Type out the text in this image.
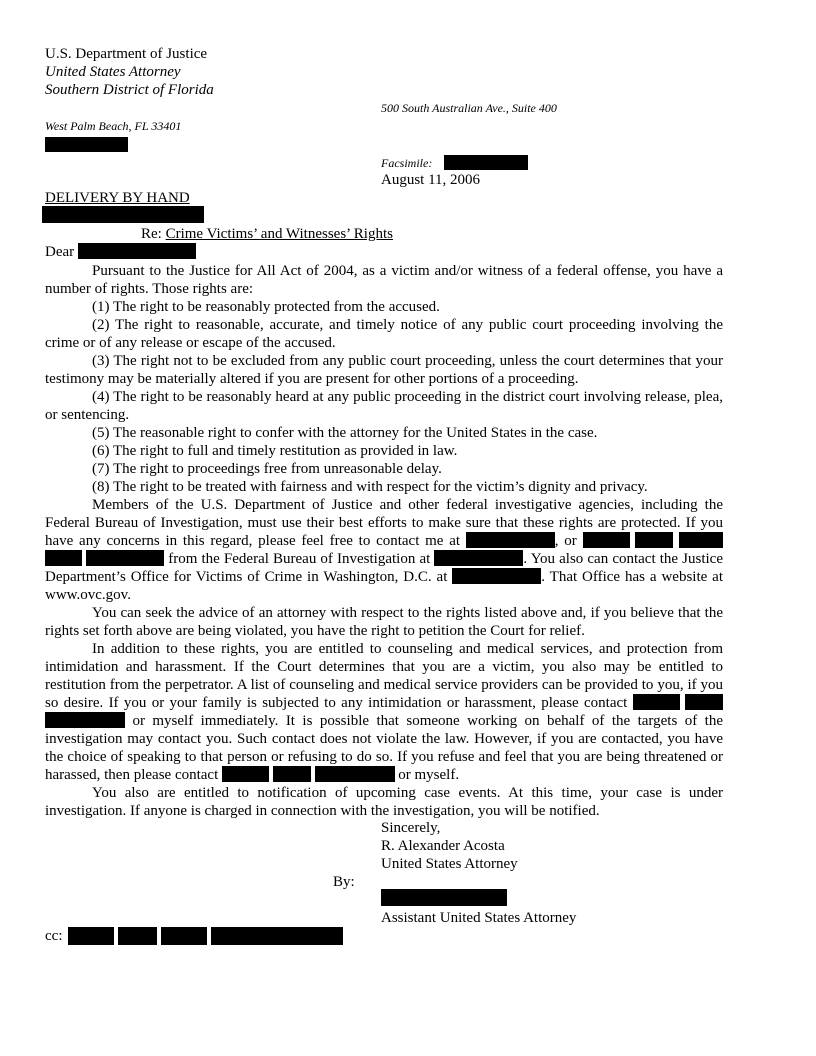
U.S. Department of Justice
United States Attorney
Southern District of Florida
500 South Australian Ave., Suite 400
West Palm Beach, FL 33401
Facsimile:
August 11, 2006
DELIVERY BY HAND
Re: Crime Victims’ and Witnesses’ Rights
Dear

Pursuant to the Justice for All Act of 2004, as a victim and/or witness of a federal offense, you have a number of rights. Those rights are:

(1) The right to be reasonably protected from the accused.

(2) The right to reasonable, accurate, and timely notice of any public court proceeding involving the crime or of any release or escape of the accused.

(3) The right not to be excluded from any public court proceeding, unless the court determines that your testimony may be materially altered if you are present for other portions of a proceeding.

(4) The right to be reasonably heard at any public proceeding in the district court involving release, plea, or sentencing.

(5) The reasonable right to confer with the attorney for the United States in the case.

(6) The right to full and timely restitution as provided in law.

(7) The right to proceedings free from unreasonable delay.

(8) The right to be treated with fairness and with respect for the victim’s dignity and privacy.

Members of the U.S. Department of Justice and other federal investigative agencies, including the Federal Bureau of Investigation, must use their best efforts to make sure that these rights are protected. If you have any concerns in this regard, please feel free to contact me at	, or      from the Federal Bureau of Investigation at	. You also can contact the Justice Department’s Office for Victims of Crime in Washington, D.C. at	. That Office has a website at www.ovc.gov.

You can seek the advice of an attorney with respect to the rights listed above and, if you believe that the rights set forth above are being violated, you have the right to petition the Court for relief.

In addition to these rights, you are entitled to counseling and medical services, and protection from intimidation and harassment. If the Court determines that you are a victim, you also may be entitled to restitution from the perpetrator. A list of counseling and medical service providers can be provided to you, if you so desire. If you or your family is subjected to any intimidation or harassment, please contact    or myself immediately. It is possible that someone working on behalf of the targets of the investigation may contact you. Such contact does not violate the law. However, if you are contacted, you have the choice of speaking to that person or refusing to do so. If you refuse and feel that you are being threatened or harassed, then please contact	or myself.

You also are entitled to notification of upcoming case events. At this time, your case is under investigation. If anyone is charged in connection with the investigation, you will be notified.

Sincerely,
R. Alexander Acosta
United States Attorney
By:
Assistant United States Attorney
cc:
